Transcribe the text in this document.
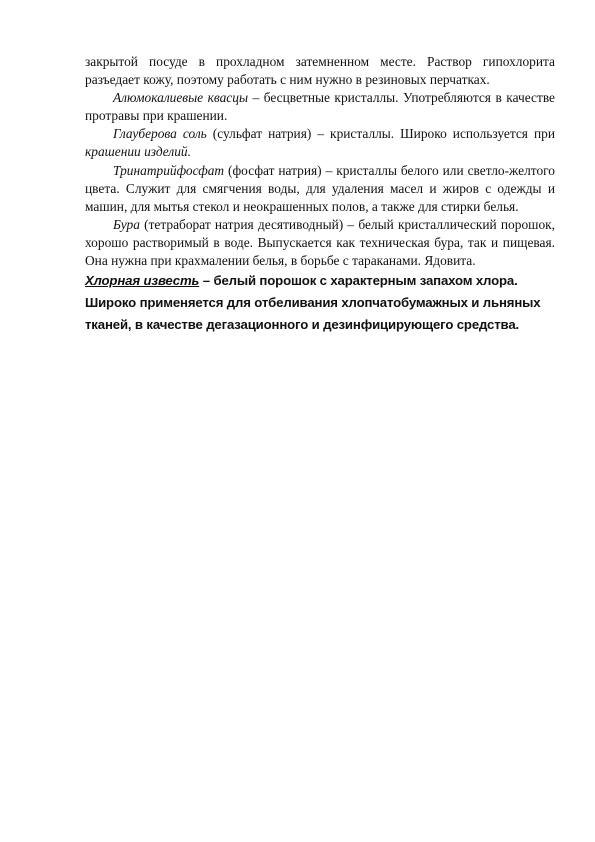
закрытой посуде в прохладном затемненном месте. Раствор гипохлорита разъедает кожу, поэтому работать с ним нужно в резиновых перчатках.

Алюмокалиевые квасцы – бесцветные кристаллы. Употребляются в качестве протравы при крашении.

Глауберова соль (сульфат натрия) – кристаллы. Широко используется при крашении изделий.

Тринатрийфосфат (фосфат натрия) – кристаллы белого или светло-желтого цвета. Служит для смягчения воды, для удаления масел и жиров с одежды и машин, для мытья стекол и неокрашенных полов, а также для стирки белья.

Бура (тетраборат натрия десятиводный) – белый кристаллический порошок, хорошо растворимый в воде. Выпускается как техническая бура, так и пищевая. Она нужна при крахмалении белья, в борьбе с тараканами. Ядовита.

Хлорная известь – белый порошок с характерным запахом хлора. Широко применяется для отбеливания хлопчатобумажных и льняных тканей, в качестве дегазационного и дезинфицирующего средства.
